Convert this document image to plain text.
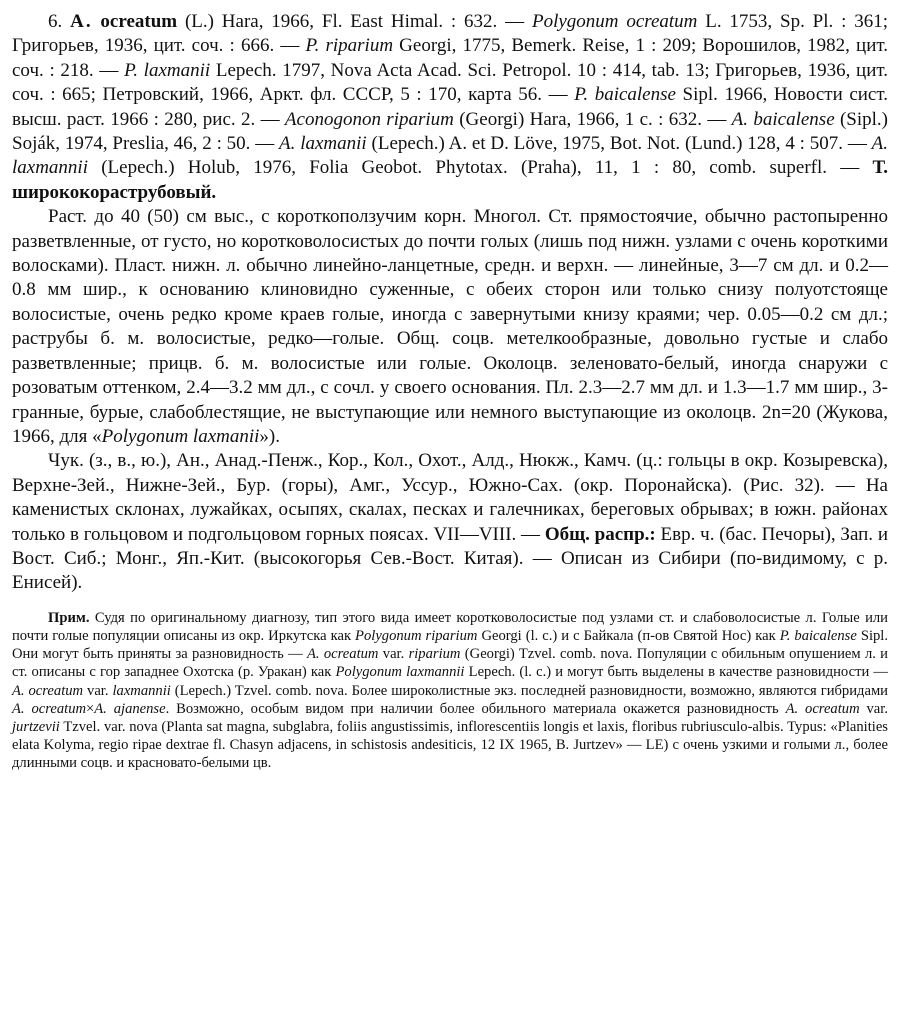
6. A. ocreatum (L.) Hara, 1966, Fl. East Himal. : 632. — Polygonum ocreatum L. 1753, Sp. Pl. : 361; Григорьев, 1936, цит. соч. : 666. — P. riparium Georgi, 1775, Bemerk. Reise, 1 : 209; Ворошилов, 1982, цит. соч. : 218. — P. laxmanii Lepech. 1797, Nova Acta Acad. Sci. Petropol. 10 : 414, tab. 13; Григорьев, 1936, цит. соч. : 665; Петровский, 1966, Аркт. фл. СССР, 5 : 170, карта 56. — P. baicalense Sipl. 1966, Новости сист. высш. раст. 1966 : 280, рис. 2. — Aconogonon riparium (Georgi) Hara, 1966, 1 c. : 632. — A. baicalense (Sipl.) Soják, 1974, Preslia, 46, 2 : 50. — A. laxmanii (Lepech.) A. et D. Löve, 1975, Bot. Not. (Lund.) 128, 4 : 507. — A. laxmannii (Lepech.) Holub, 1976, Folia Geobot. Phytotax. (Praha), 11, 1 : 80, comb. superfl. — Т. ширококораструбовый.

Раст. до 40 (50) см выс., с короткоползучим корн. Многол. Ст. прямостоячие, обычно растопыренно разветвленные, от густо, но коротковолосистых до почти голых (лишь под нижн. узлами с очень короткими волосками). Пласт. нижн. л. обычно линейно-ланцетные, средн. и верхн. — линейные, 3—7 см дл. и 0.2—0.8 мм шир., к основанию клиновидно суженные, с обеих сторон или только снизу полуотстояще волосистые, очень редко кроме краев голые, иногда с завернутыми книзу краями; чер. 0.05—0.2 см дл.; раструбы б. м. волосистые, редко—голые. Общ. соцв. метелкообразные, довольно густые и слабо разветвленные; прицв. б. м. волосистые или голые. Околоцв. зеленовато-белый, иногда снаружи с розоватым оттенком, 2.4—3.2 мм дл., с сочл. у своего основания. Пл. 2.3—2.7 мм дл. и 1.3—1.7 мм шир., 3-гранные, бурые, слабоблестящие, не выступающие или немного выступающие из околоцв. 2n=20 (Жукова, 1966, для «Polygonum laxmanii»).

Чук. (з., в., ю.), Ан., Анад.-Пенж., Кор., Кол., Охот., Алд., Нюкж., Камч. (ц.: гольцы в окр. Козыревска), Верхне-Зей., Нижне-Зей., Бур. (горы), Амг., Уссур., Южно-Сах. (окр. Поронайска). (Рис. 32). — На каменистых склонах, лужайках, осыпях, скалах, песках и галечниках, береговых обрывах; в южн. районах только в гольцовом и подгольцовом горных поясах. VII—VIII. — Общ. распр.: Евр. ч. (бас. Печоры), Зап. и Вост. Сиб.; Монг., Яп.-Кит. (высокогорья Сев.-Вост. Китая). — Описан из Сибири (по-видимому, с р. Енисей).

Прим. Судя по оригинальному диагнозу, тип этого вида имеет коротковолосистые под узлами ст. и слабоволосистые л. Голые или почти голые популяции описаны из окр. Иркутска как Polygonum riparium Georgi (l. c.) и с Байкала (п-ов Святой Нос) как P. baicalense Sipl. Они могут быть приняты за разновидность — A. ocreatum var. riparium (Georgi) Tzvel. comb. nova. Популяции с обильным опушением л. и ст. описаны с гор западнее Охотска (р. Уракан) как Polygonum laxmannii Lepech. (l. c.) и могут быть выделены в качестве разновидности — A. ocreatum var. laxmannii (Lepech.) Tzvel. comb. nova. Более широколистные экз. последней разновидности, возможно, являются гибридами A. ocreatum×A. ajanense. Возможно, особым видом при наличии более обильного материала окажется разновидность A. ocreatum var. jurtzevii Tzvel. var. nova (Planta sat magna, subglabra, foliis angustissimis, inflorescentiis longis et laxis, floribus rubriusculo-albis. Typus: «Planities elata Kolyma, regio ripae dextrae fl. Chasyn adjacens, in schistosis andesiticis, 12 IX 1965, B. Jurtzev» — LE) с очень узкими и голыми л., более длинными соцв. и красновато-белыми цв.
